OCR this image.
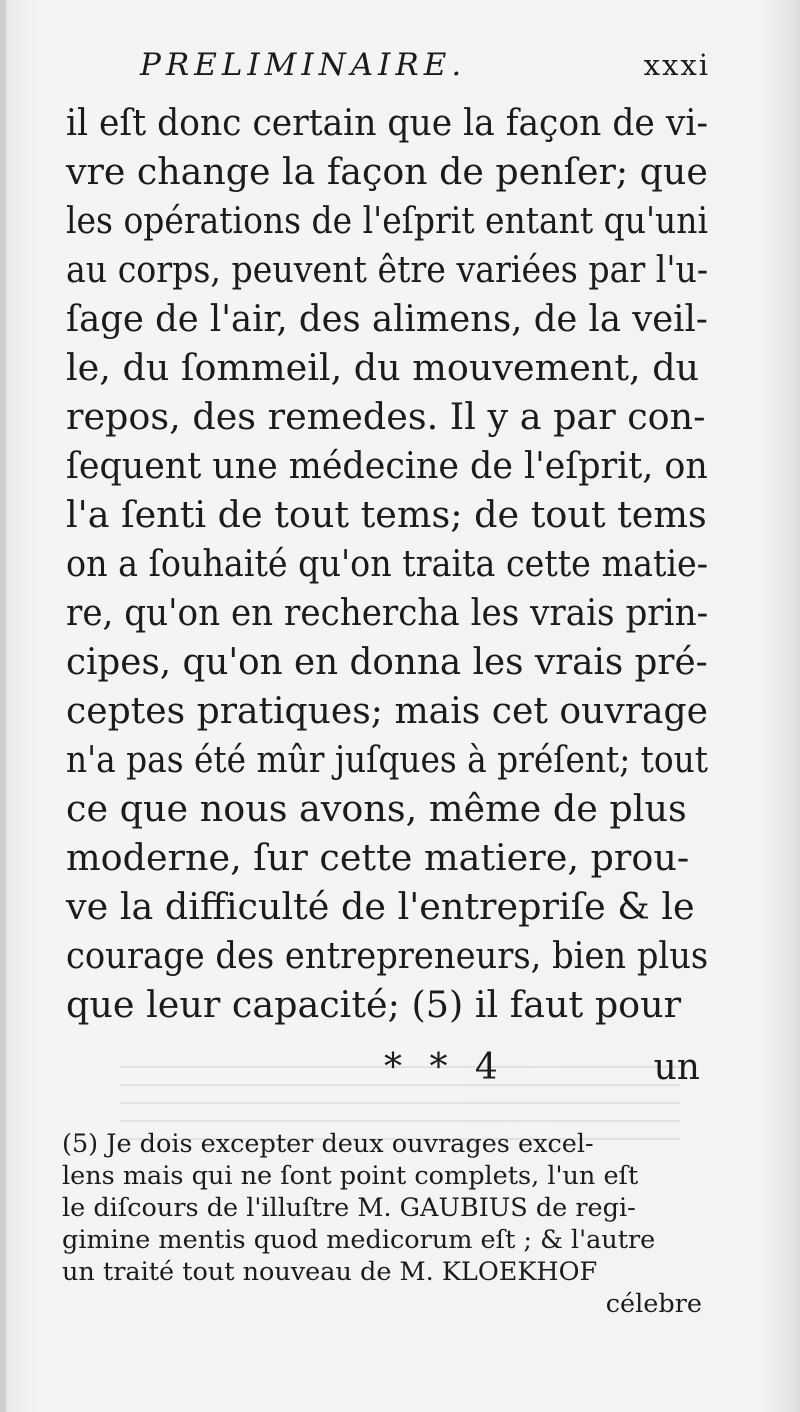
PRELIMINAIRE.	xxxi
il eſt donc certain que la façon de vi-
vre change la façon de penſer; que
les opérations de l'eſprit entant qu'uni
au corps, peuvent être variées par l'u-
ſage de l'air, des alimens, de la veil-
le, du ſommeil, du mouvement, du
repos, des remedes. Il y a par con-
ſequent une médecine de l'eſprit, on
l'a ſenti de tout tems; de tout tems
on a ſouhaité qu'on traita cette matie-
re, qu'on en rechercha les vrais prin-
cipes, qu'on en donna les vrais pré-
ceptes pratiques; mais cet ouvrage
n'a pas été mûr juſques à préſent; tout
ce que nous avons, même de plus
moderne, ſur cette matiere, prou-
ve la difficulté de l'entrepriſe & le
courage des entrepreneurs, bien plus
que leur capacité; (5) il faut pour
* * 4	un
(5) Je dois excepter deux ouvrages excel-
lens mais qui ne ſont point complets, l'un eſt
le diſcours de l'illuſtre M. GAUBIUS de regi-
gimine mentis quod medicorum eſt ; & l'autre
un traité tout nouveau de M. KLOEKHOF
célebre
